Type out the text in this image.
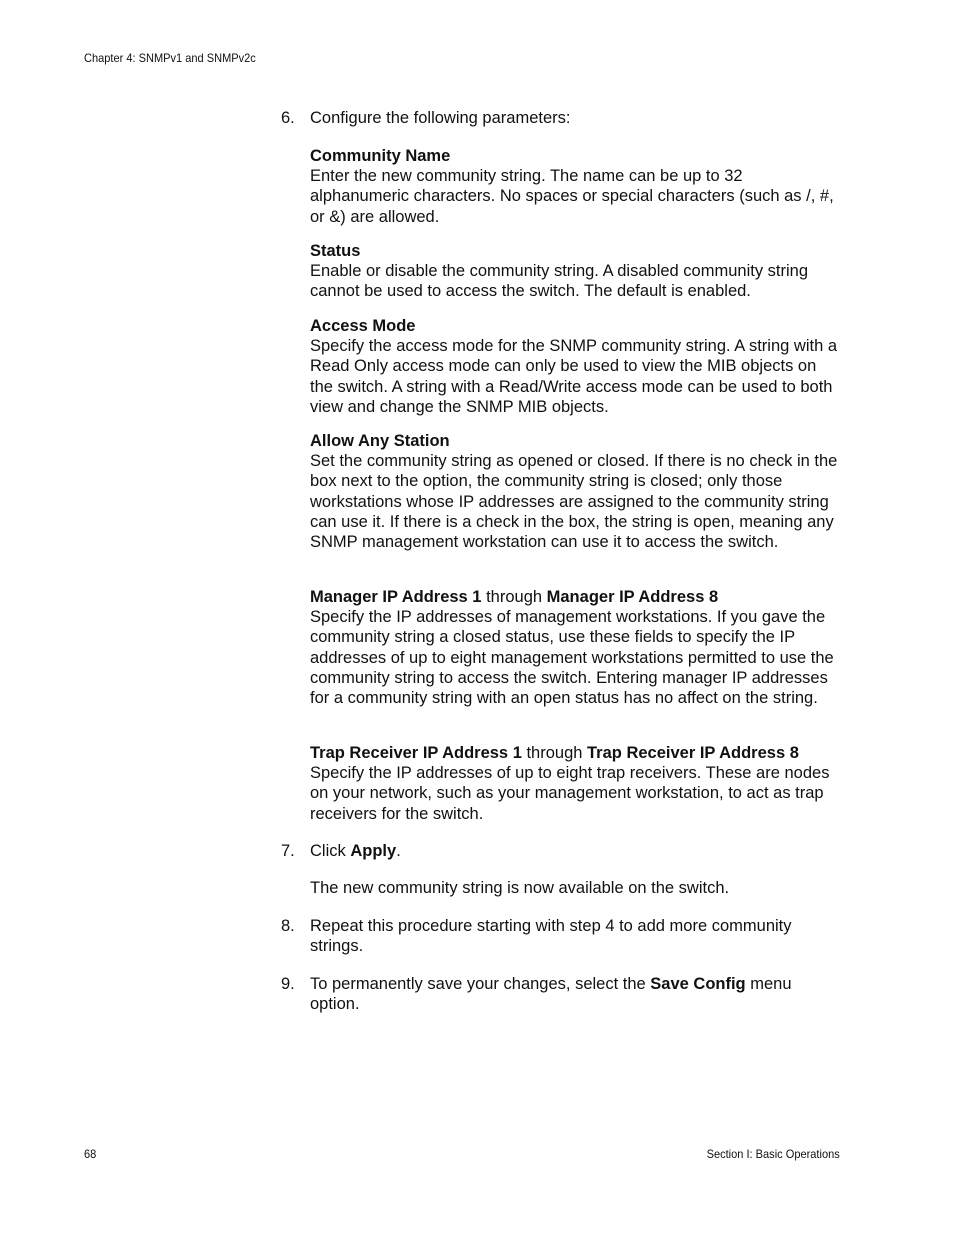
Chapter 4: SNMPv1 and SNMPv2c
6. Configure the following parameters:
Community Name
Enter the new community string. The name can be up to 32 alphanumeric characters. No spaces or special characters (such as /, #, or &) are allowed.
Status
Enable or disable the community string. A disabled community string cannot be used to access the switch. The default is enabled.
Access Mode
Specify the access mode for the SNMP community string. A string with a Read Only access mode can only be used to view the MIB objects on the switch. A string with a Read/Write access mode can be used to both view and change the SNMP MIB objects.
Allow Any Station
Set the community string as opened or closed. If there is no check in the box next to the option, the community string is closed; only those workstations whose IP addresses are assigned to the community string can use it. If there is a check in the box, the string is open, meaning any SNMP management workstation can use it to access the switch.
Manager IP Address 1 through Manager IP Address 8
Specify the IP addresses of management workstations. If you gave the community string a closed status, use these fields to specify the IP addresses of up to eight management workstations permitted to use the community string to access the switch. Entering manager IP addresses for a community string with an open status has no affect on the string.
Trap Receiver IP Address 1 through Trap Receiver IP Address 8
Specify the IP addresses of up to eight trap receivers. These are nodes on your network, such as your management workstation, to act as trap receivers for the switch.
7. Click Apply.
The new community string is now available on the switch.
8. Repeat this procedure starting with step 4 to add more community strings.
9. To permanently save your changes, select the Save Config menu option.
68	Section I: Basic Operations
